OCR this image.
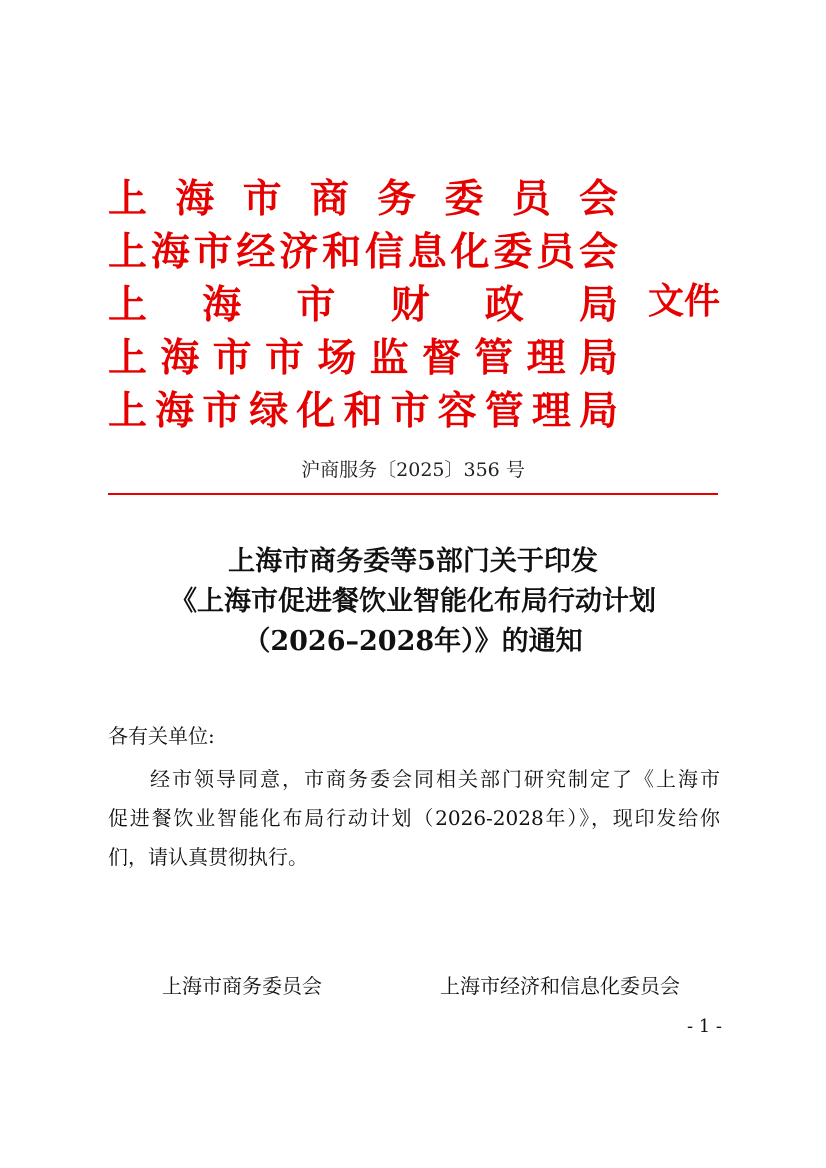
上 海 市 商 务 委 员 会
上 海 市 经 济 和 信 息 化 委 员 会
上 海 市 财 政 局
上 海 市 市 场 监 督 管 理 局
上 海 市 绿 化 和 市 容 管 理 局
文件
沪商服务〔2025〕356 号
上海市商务委等5部门关于印发
《上海市促进餐饮业智能化布局行动计划
（2026–2028年）》的通知
各有关单位:
经市领导同意，市商务委会同相关部门研究制定了《上海市
促进餐饮业智能化布局行动计划（2026-2028年）》，现印发给你
们，请认真贯彻执行。
上海市商务委员会	上海市经济和信息化委员会
- 1 -
